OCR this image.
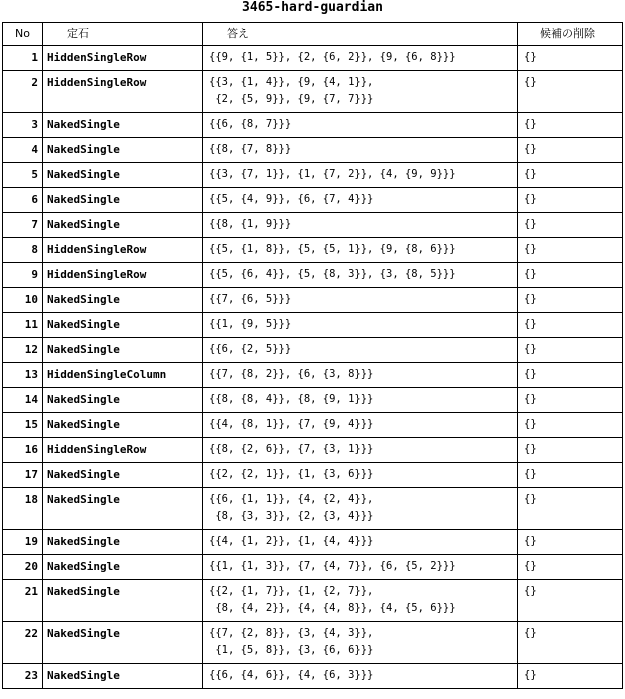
3465-hard-guardian
No	定石	答え	候補の削除
1	HiddenSingleRow	{{9, {1, 5}}, {2, {6, 2}}, {9, {6, 8}}}	{}
2	HiddenSingleRow	{{3, {1, 4}}, {9, {4, 1}},
{2, {5, 9}}, {9, {7, 7}}}	{}
3	NakedSingle	{{6, {8, 7}}}	{}
4	NakedSingle	{{8, {7, 8}}}	{}
5	NakedSingle	{{3, {7, 1}}, {1, {7, 2}}, {4, {9, 9}}}	{}
6	NakedSingle	{{5, {4, 9}}, {6, {7, 4}}}	{}
7	NakedSingle	{{8, {1, 9}}}	{}
8	HiddenSingleRow	{{5, {1, 8}}, {5, {5, 1}}, {9, {8, 6}}}	{}
9	HiddenSingleRow	{{5, {6, 4}}, {5, {8, 3}}, {3, {8, 5}}}	{}
10	NakedSingle	{{7, {6, 5}}}	{}
11	NakedSingle	{{1, {9, 5}}}	{}
12	NakedSingle	{{6, {2, 5}}}	{}
13	HiddenSingleColumn	{{7, {8, 2}}, {6, {3, 8}}}	{}
14	NakedSingle	{{8, {8, 4}}, {8, {9, 1}}}	{}
15	NakedSingle	{{4, {8, 1}}, {7, {9, 4}}}	{}
16	HiddenSingleRow	{{8, {2, 6}}, {7, {3, 1}}}	{}
17	NakedSingle	{{2, {2, 1}}, {1, {3, 6}}}	{}
18	NakedSingle	{{6, {1, 1}}, {4, {2, 4}},
{8, {3, 3}}, {2, {3, 4}}}	{}
19	NakedSingle	{{4, {1, 2}}, {1, {4, 4}}}	{}
20	NakedSingle	{{1, {1, 3}}, {7, {4, 7}}, {6, {5, 2}}}	{}
21	NakedSingle	{{2, {1, 7}}, {1, {2, 7}},
{8, {4, 2}}, {4, {4, 8}}, {4, {5, 6}}}	{}
22	NakedSingle	{{7, {2, 8}}, {3, {4, 3}},
{1, {5, 8}}, {3, {6, 6}}}	{}
23	NakedSingle	{{6, {4, 6}}, {4, {6, 3}}}	{}
